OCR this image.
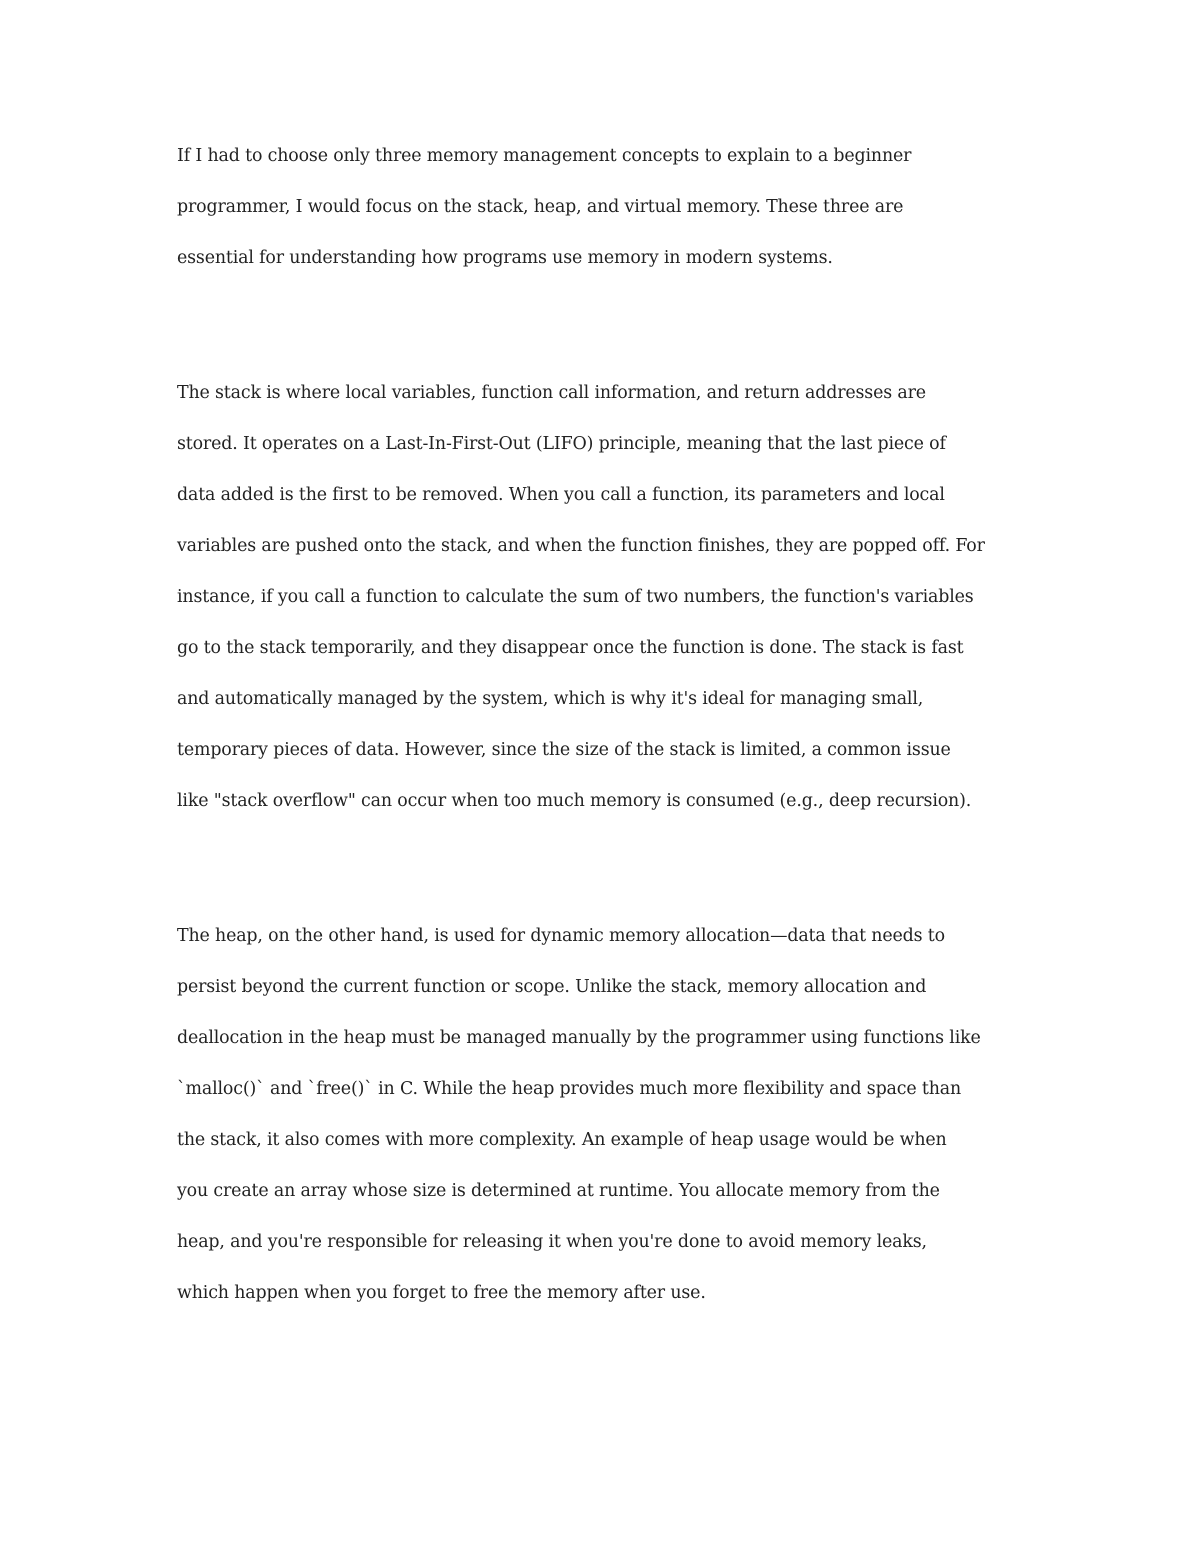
If I had to choose only three memory management concepts to explain to a beginner
programmer, I would focus on the stack, heap, and virtual memory. These three are
essential for understanding how programs use memory in modern systems.
The stack is where local variables, function call information, and return addresses are
stored. It operates on a Last-In-First-Out (LIFO) principle, meaning that the last piece of
data added is the first to be removed. When you call a function, its parameters and local
variables are pushed onto the stack, and when the function finishes, they are popped off. For
instance, if you call a function to calculate the sum of two numbers, the function's variables
go to the stack temporarily, and they disappear once the function is done. The stack is fast
and automatically managed by the system, which is why it's ideal for managing small,
temporary pieces of data. However, since the size of the stack is limited, a common issue
like "stack overflow" can occur when too much memory is consumed (e.g., deep recursion).
The heap, on the other hand, is used for dynamic memory allocation—data that needs to
persist beyond the current function or scope. Unlike the stack, memory allocation and
deallocation in the heap must be managed manually by the programmer using functions like
`malloc()` and `free()` in C. While the heap provides much more flexibility and space than
the stack, it also comes with more complexity. An example of heap usage would be when
you create an array whose size is determined at runtime. You allocate memory from the
heap, and you're responsible for releasing it when you're done to avoid memory leaks,
which happen when you forget to free the memory after use.
